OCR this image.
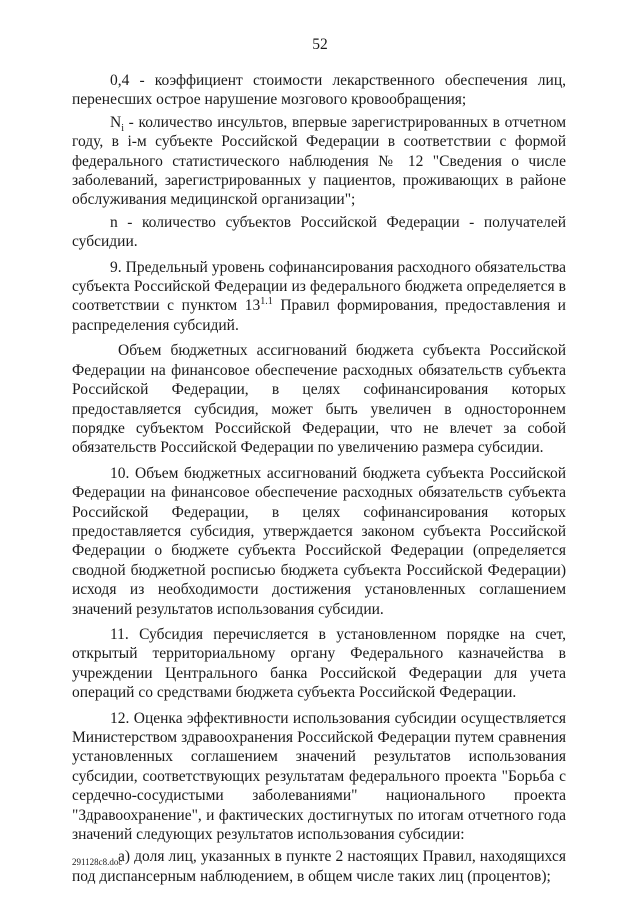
52

0,4 - коэффициент стоимости лекарственного обеспечения лиц, перенесших острое нарушение мозгового кровообращения;

$N_i$ - количество инсультов, впервые зарегистрированных в отчетном году, в i-м субъекте Российской Федерации в соответствии с формой федерального статистического наблюдения № 12 "Сведения о числе заболеваний, зарегистрированных у пациентов, проживающих в районе обслуживания медицинской организации";

n - количество субъектов Российской Федерации - получателей субсидии.

9. Предельный уровень софинансирования расходного обязательства субъекта Российской Федерации из федерального бюджета определяется в соответствии с пунктом $13^{1.1}$ Правил формирования, предоставления и распределения субсидий.

Объем бюджетных ассигнований бюджета субъекта Российской Федерации на финансовое обеспечение расходных обязательств субъекта Российской Федерации, в целях софинансирования которых предоставляется субсидия, может быть увеличен в одностороннем порядке субъектом Российской Федерации, что не влечет за собой обязательств Российской Федерации по увеличению размера субсидии.

10. Объем бюджетных ассигнований бюджета субъекта Российской Федерации на финансовое обеспечение расходных обязательств субъекта Российской Федерации, в целях софинансирования которых предоставляется субсидия, утверждается законом субъекта Российской Федерации о бюджете субъекта Российской Федерации (определяется сводной бюджетной росписью бюджета субъекта Российской Федерации) исходя из необходимости достижения установленных соглашением значений результатов использования субсидии.

11. Субсидия перечисляется в установленном порядке на счет, открытый территориальному органу Федерального казначейства в учреждении Центрального банка Российской Федерации для учета операций со средствами бюджета субъекта Российской Федерации.

12. Оценка эффективности использования субсидии осуществляется Министерством здравоохранения Российской Федерации путем сравнения установленных соглашением значений результатов использования субсидии, соответствующих результатам федерального проекта "Борьба с сердечно-сосудистыми заболеваниями" национального проекта "Здравоохранение", и фактических достигнутых по итогам отчетного года значений следующих результатов использования субсидии:

а) доля лиц, указанных в пункте 2 настоящих Правил, находящихся под диспансерным наблюдением, в общем числе таких лиц (процентов);

291128c8.doc
